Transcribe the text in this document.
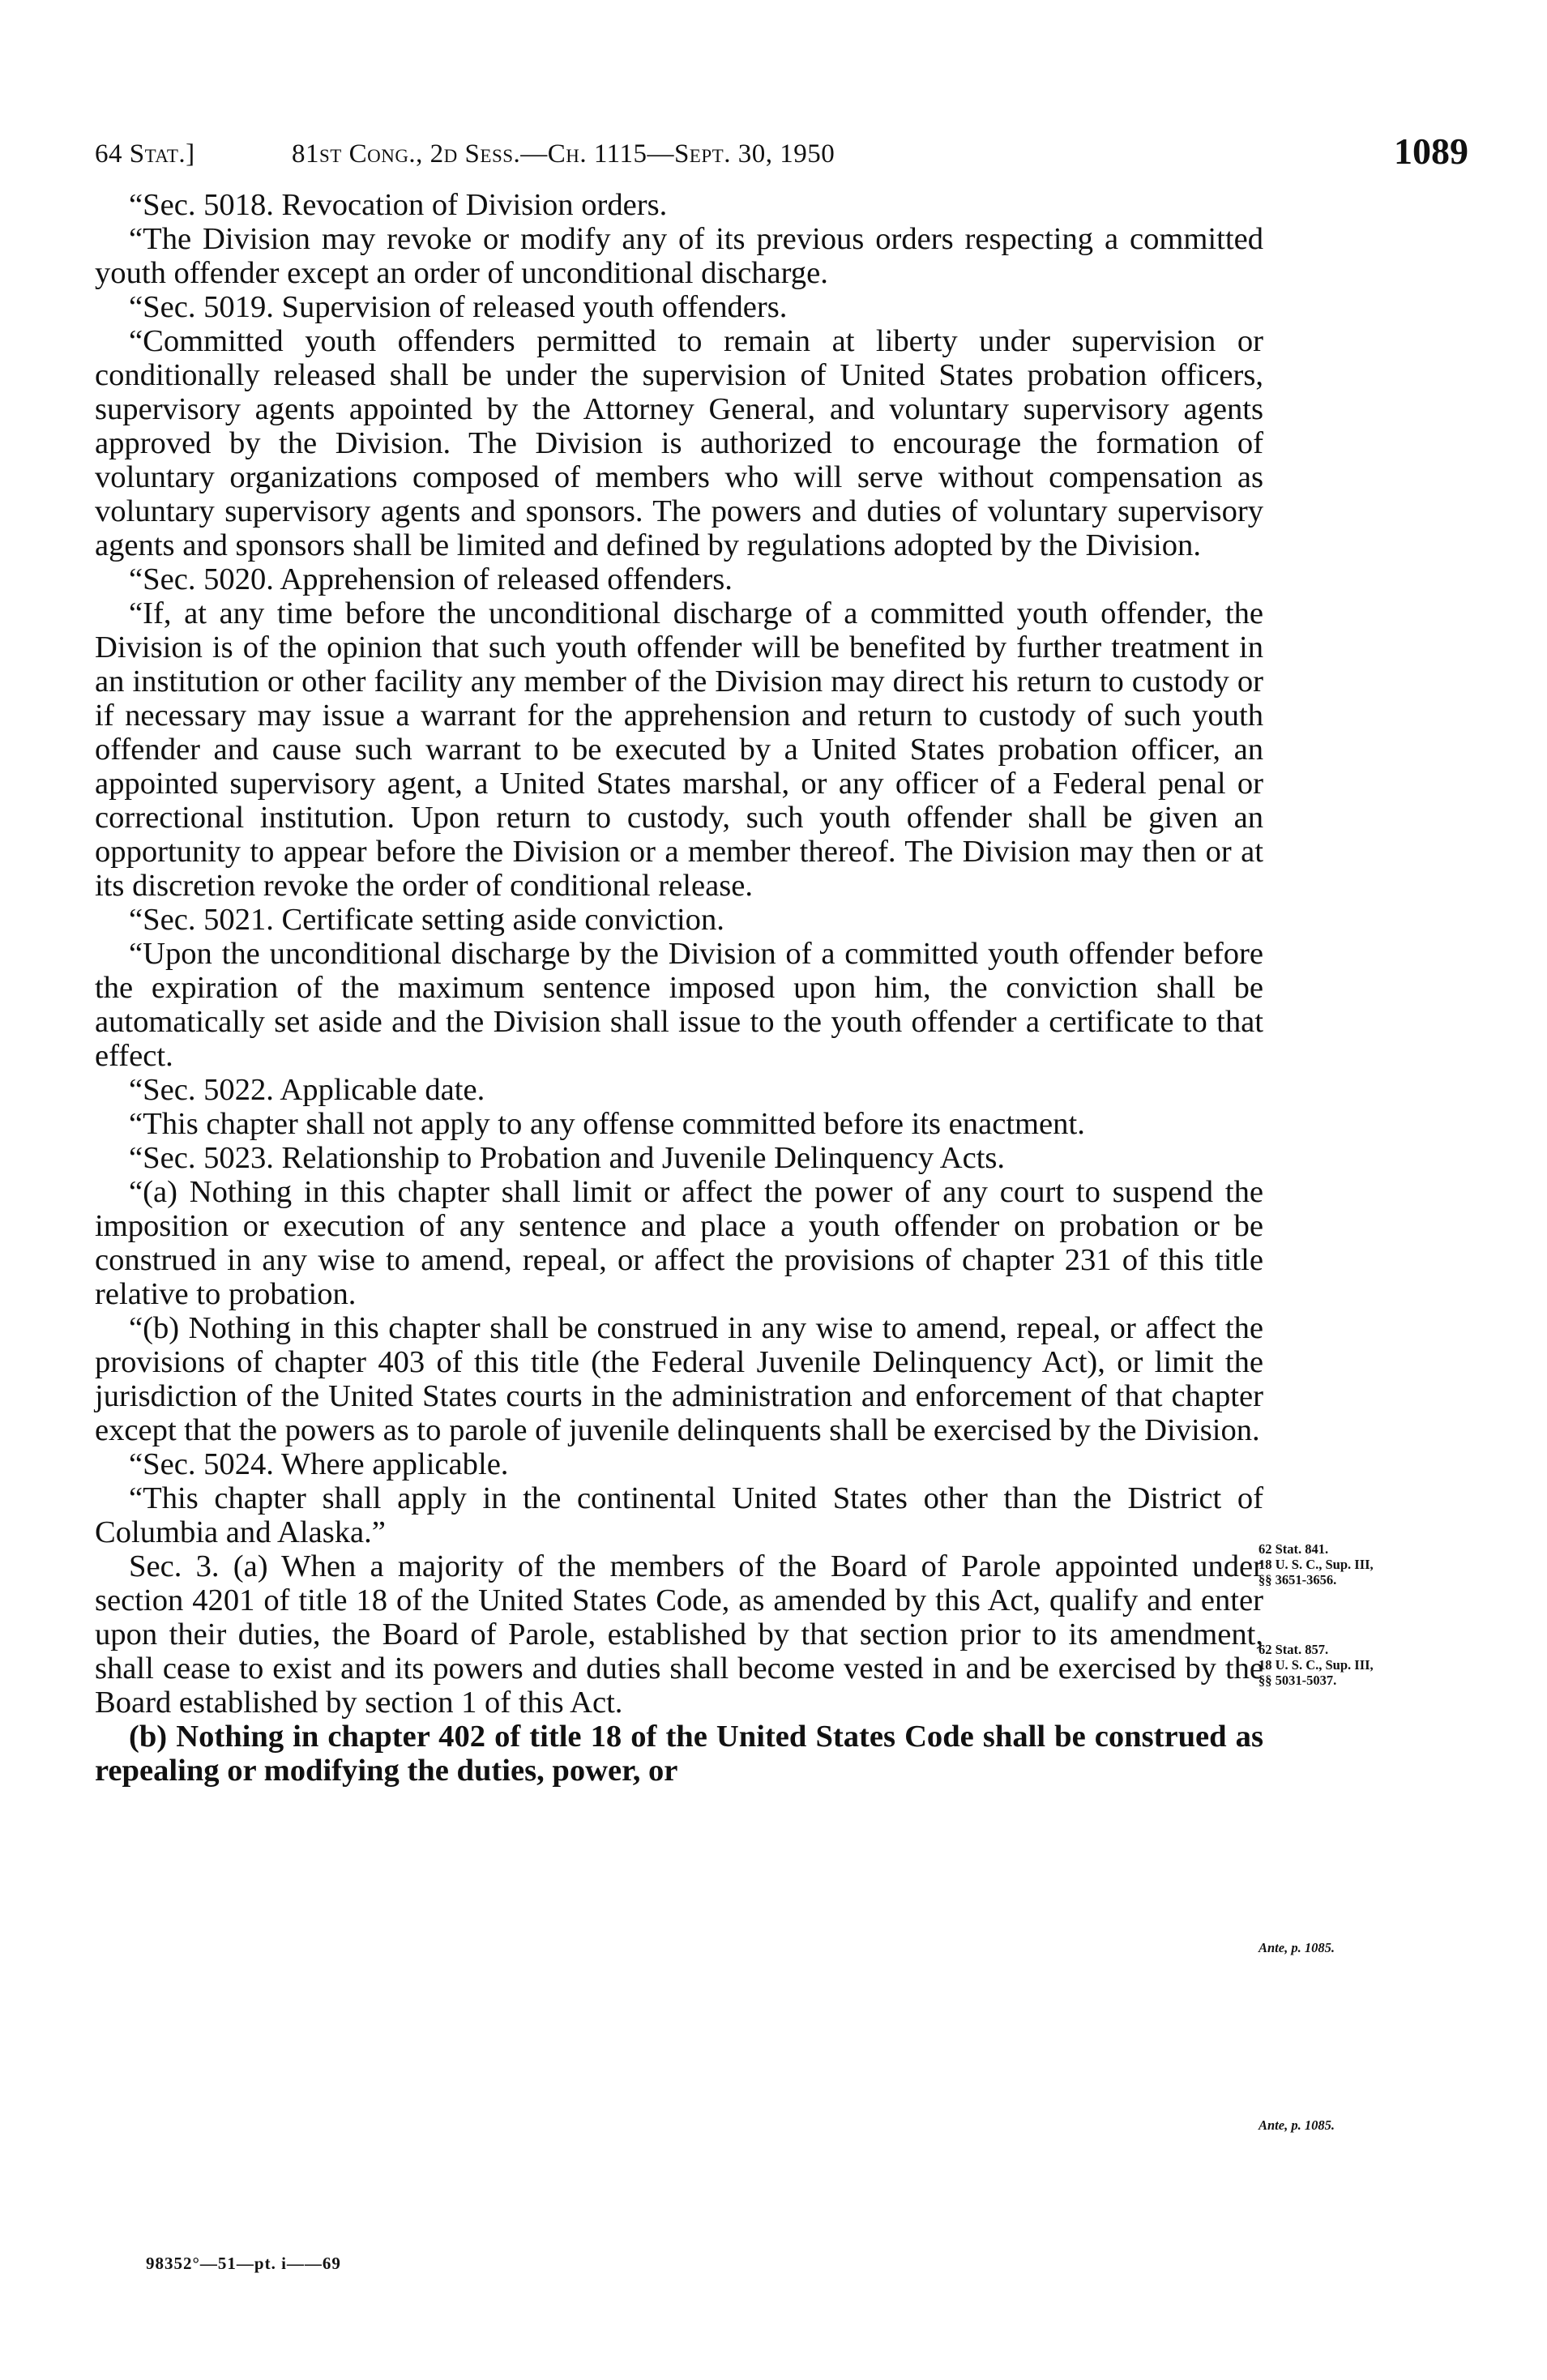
64 Stat.]	81st Cong., 2d Sess.—Ch. 1115—Sept. 30, 1950	1089

“Sec. 5018. Revocation of Division orders.

“The Division may revoke or modify any of its previous orders respecting a committed youth offender except an order of unconditional discharge.

“Sec. 5019. Supervision of released youth offenders.

“Committed youth offenders permitted to remain at liberty under supervision or conditionally released shall be under the supervision of United States probation officers, supervisory agents appointed by the Attorney General, and voluntary supervisory agents approved by the Division. The Division is authorized to encourage the formation of voluntary organizations composed of members who will serve without compensation as voluntary supervisory agents and sponsors. The powers and duties of voluntary supervisory agents and sponsors shall be limited and defined by regulations adopted by the Division.

“Sec. 5020. Apprehension of released offenders.

“If, at any time before the unconditional discharge of a committed youth offender, the Division is of the opinion that such youth offender will be benefited by further treatment in an institution or other facility any member of the Division may direct his return to custody or if necessary may issue a warrant for the apprehension and return to custody of such youth offender and cause such warrant to be executed by a United States probation officer, an appointed supervisory agent, a United States marshal, or any officer of a Federal penal or correctional institution. Upon return to custody, such youth offender shall be given an opportunity to appear before the Division or a member thereof. The Division may then or at its discretion revoke the order of conditional release.

“Sec. 5021. Certificate setting aside conviction.

“Upon the unconditional discharge by the Division of a committed youth offender before the expiration of the maximum sentence imposed upon him, the conviction shall be automatically set aside and the Division shall issue to the youth offender a certificate to that effect.

“Sec. 5022. Applicable date.

“This chapter shall not apply to any offense committed before its enactment.

“Sec. 5023. Relationship to Probation and Juvenile Delinquency Acts.

“(a) Nothing in this chapter shall limit or affect the power of any court to suspend the imposition or execution of any sentence and place a youth offender on probation or be construed in any wise to amend, repeal, or affect the provisions of chapter 231 of this title relative to probation.

“(b) Nothing in this chapter shall be construed in any wise to amend, repeal, or affect the provisions of chapter 403 of this title (the Federal Juvenile Delinquency Act), or limit the jurisdiction of the United States courts in the administration and enforcement of that chapter except that the powers as to parole of juvenile delinquents shall be exercised by the Division.

“Sec. 5024. Where applicable.

“This chapter shall apply in the continental United States other than the District of Columbia and Alaska.”

Sec. 3. (a) When a majority of the members of the Board of Parole appointed under section 4201 of title 18 of the United States Code, as amended by this Act, qualify and enter upon their duties, the Board of Parole, established by that section prior to its amendment, shall cease to exist and its powers and duties shall become vested in and be exercised by the Board established by section 1 of this Act.

(b) Nothing in chapter 402 of title 18 of the United States Code shall be construed as repealing or modifying the duties, power, or

62 Stat. 841.
18 U. S. C., Sup. III,
§§ 3651-3656.
62 Stat. 857.
18 U. S. C., Sup. III,
§§ 5031-5037.
Ante, p. 1085.
Ante, p. 1085.
98352°—51—pt. i——69
